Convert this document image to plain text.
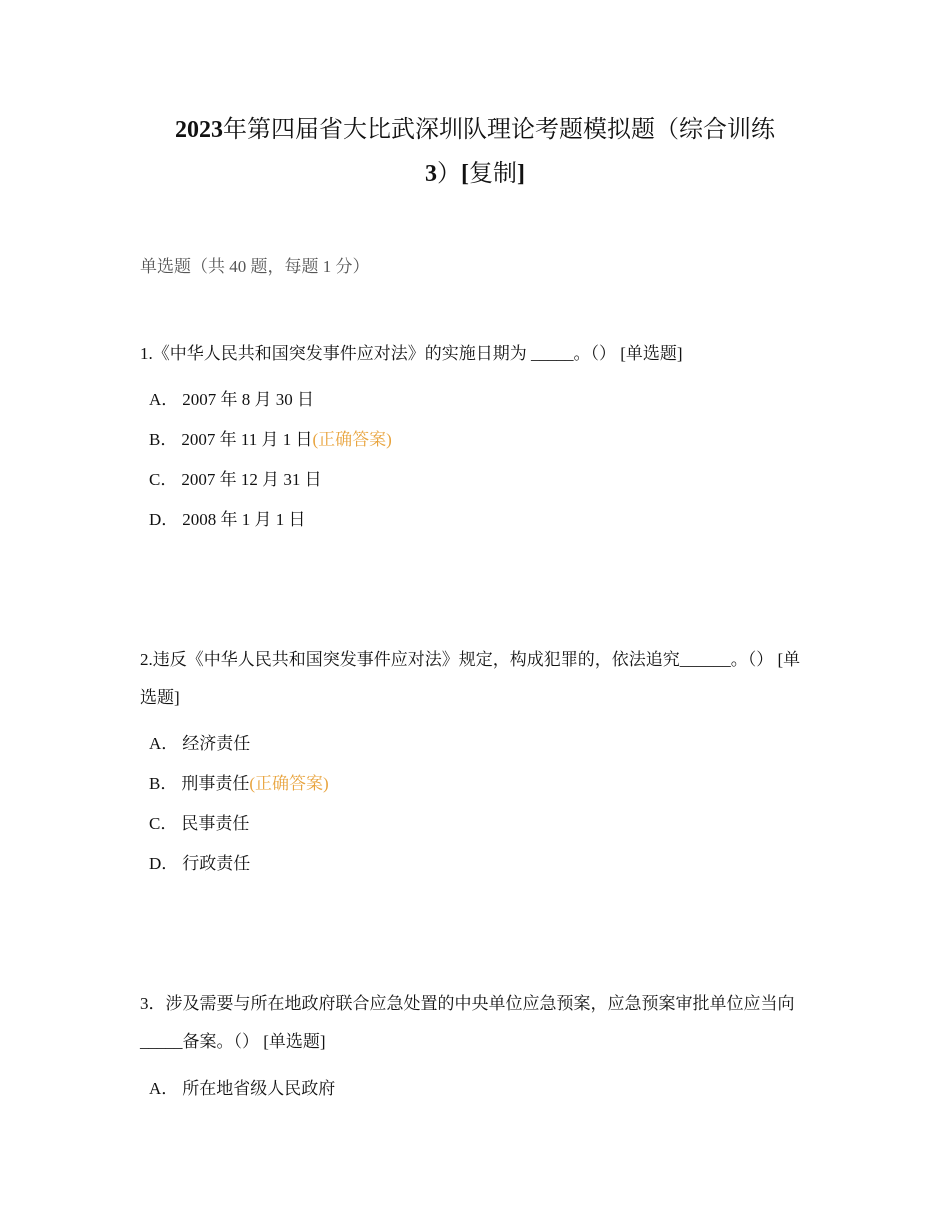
2023年第四届省大比武深圳队理论考题模拟题（综合训练
3）[复制]
单选题（共 40 题，每题 1 分）
1.《中华人民共和国突发事件应对法》的实施日期为 _____。（） [单选题]
A． 2007 年 8 月 30 日
B． 2007 年 11 月 1 日(正确答案)
C． 2007 年 12 月 31 日
D． 2008 年 1 月 1 日
2.违反《中华人民共和国突发事件应对法》规定，构成犯罪的，依法追究______。（） [单选题]
A． 经济责任
B． 刑事责任(正确答案)
C． 民事责任
D． 行政责任
3．涉及需要与所在地政府联合应急处置的中央单位应急预案，应急预案审批单位应当向_____备案。（） [单选题]
A． 所在地省级人民政府
